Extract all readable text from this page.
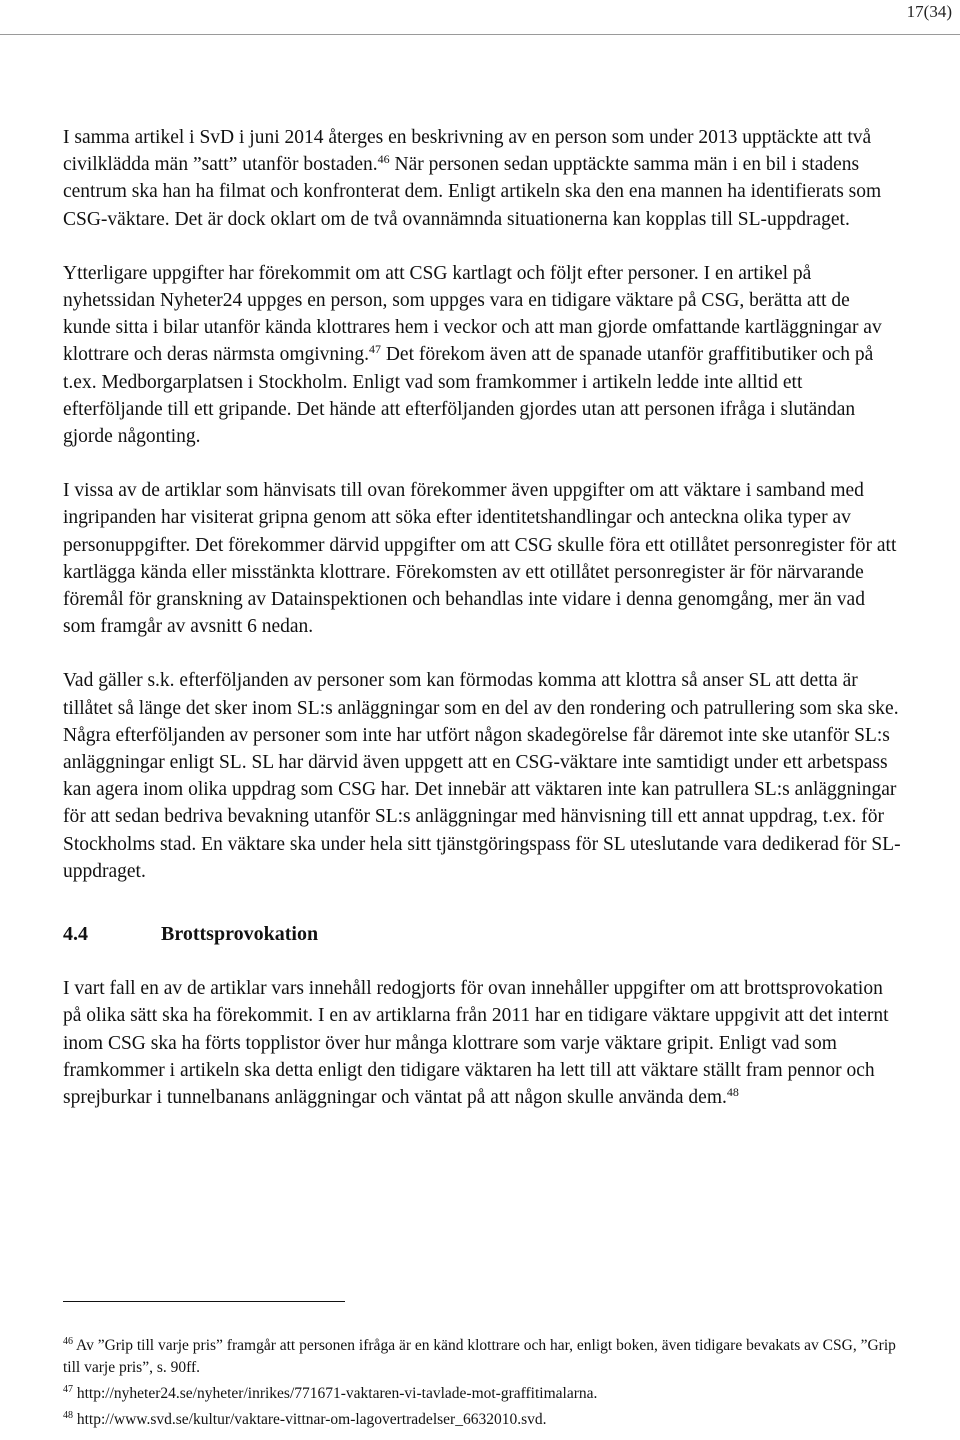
17(34)

I samma artikel i SvD i juni 2014 återges en beskrivning av en person som under 2013 upptäckte att två civilklädda män ”satt” utanför bostaden.$^{46}$ När personen sedan upptäckte samma män i en bil i stadens centrum ska han ha filmat och konfronterat dem. Enligt artikeln ska den ena mannen ha identifierats som CSG-väktare. Det är dock oklart om de två ovannämnda situationerna kan kopplas till SL-uppdraget.

Ytterligare uppgifter har förekommit om att CSG kartlagt och följt efter personer. I en artikel på nyhetssidan Nyheter24 uppges en person, som uppges vara en tidigare väktare på CSG, berätta att de kunde sitta i bilar utanför kända klottrares hem i veckor och att man gjorde omfattande kartläggningar av klottrare och deras närmsta omgivning.$^{47}$ Det förekom även att de spanade utanför graffitibutiker och på t.ex. Medborgarplatsen i Stockholm. Enligt vad som framkommer i artikeln ledde inte alltid ett efterföljande till ett gripande. Det hände att efterföljanden gjordes utan att personen ifråga i slutändan gjorde någonting.

I vissa av de artiklar som hänvisats till ovan förekommer även uppgifter om att väktare i samband med ingripanden har visiterat gripna genom att söka efter identitetshandlingar och anteckna olika typer av personuppgifter. Det förekommer därvid uppgifter om att CSG skulle föra ett otillåtet personregister för att kartlägga kända eller misstänkta klottrare. Förekomsten av ett otillåtet personregister är för närvarande föremål för granskning av Datainspektionen och behandlas inte vidare i denna genomgång, mer än vad som framgår av avsnitt 6 nedan.

Vad gäller s.k. efterföljanden av personer som kan förmodas komma att klottra så anser SL att detta är tillåtet så länge det sker inom SL:s anläggningar som en del av den rondering och patrullering som ska ske. Några efterföljanden av personer som inte har utfört någon skadegörelse får däremot inte ske utanför SL:s anläggningar enligt SL. SL har därvid även uppgett att en CSG-väktare inte samtidigt under ett arbetspass kan agera inom olika uppdrag som CSG har. Det innebär att väktaren inte kan patrullera SL:s anläggningar för att sedan bedriva bevakning utanför SL:s anläggningar med hänvisning till ett annat uppdrag, t.ex. för Stockholms stad. En väktare ska under hela sitt tjänstgöringspass för SL uteslutande vara dedikerad för SL-uppdraget.

4.4	Brottsprovokation

I vart fall en av de artiklar vars innehåll redogjorts för ovan innehåller uppgifter om att brottsprovokation på olika sätt ska ha förekommit. I en av artiklarna från 2011 har en tidigare väktare uppgivit att det internt inom CSG ska ha förts topplistor över hur många klottrare som varje väktare gripit. Enligt vad som framkommer i artikeln ska detta enligt den tidigare väktaren ha lett till att väktare ställt fram pennor och sprejburkar i tunnelbanans anläggningar och väntat på att någon skulle använda dem.$^{48}$

$^{46}$ Av ”Grip till varje pris” framgår att personen ifråga är en känd klottrare och har, enligt boken, även tidigare bevakats av CSG, ”Grip till varje pris”, s. 90ff.
$^{47}$ http://nyheter24.se/nyheter/inrikes/771671-vaktaren-vi-tavlade-mot-graffitimalarna.
$^{48}$ http://www.svd.se/kultur/vaktare-vittnar-om-lagovertradelser_6632010.svd.
